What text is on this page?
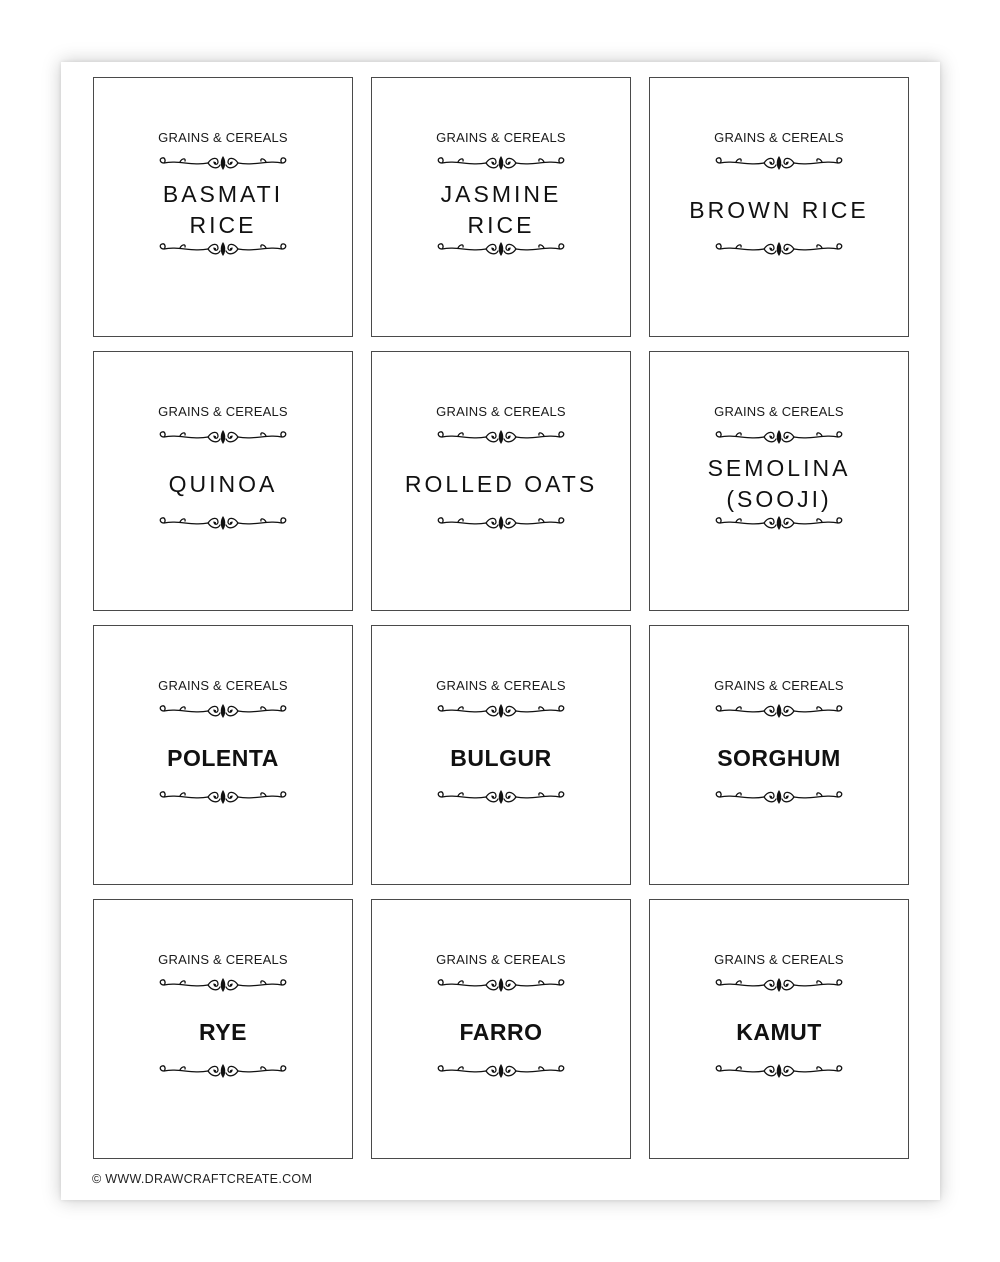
GRAINS & CEREALS
BASMATI
RICE
GRAINS & CEREALS
JASMINE
RICE
GRAINS & CEREALS
BROWN RICE
GRAINS & CEREALS
QUINOA
GRAINS & CEREALS
ROLLED OATS
GRAINS & CEREALS
SEMOLINA
(SOOJI)
GRAINS & CEREALS
POLENTA
GRAINS & CEREALS
BULGUR
GRAINS & CEREALS
SORGHUM
GRAINS & CEREALS
RYE
GRAINS & CEREALS
FARRO
GRAINS & CEREALS
KAMUT
© WWW.DRAWCRAFTCREATE.COM
